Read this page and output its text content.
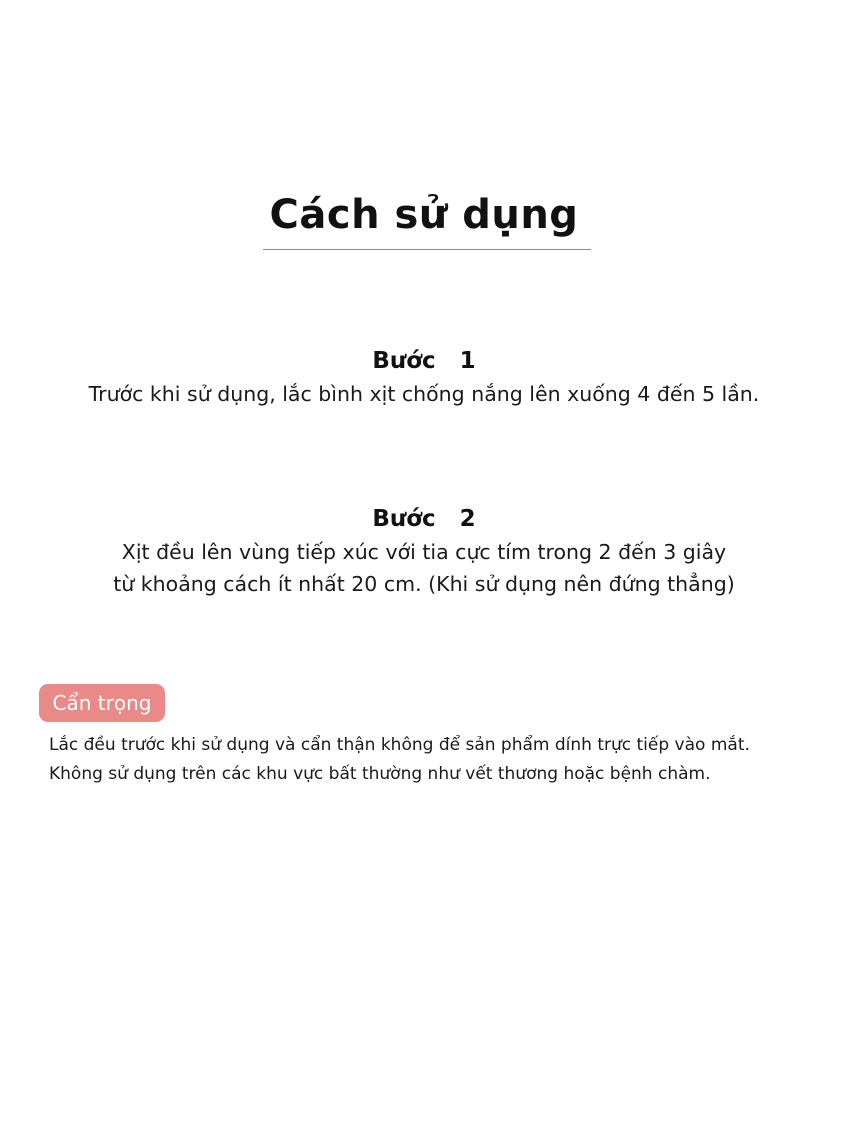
Cách sử dụng
Bước  1
Trước khi sử dụng, lắc bình xịt chống nắng lên xuống 4 đến 5 lần.
Bước  2
Xịt đều lên vùng tiếp xúc với tia cực tím trong 2 đến 3 giây
từ khoảng cách ít nhất 20 cm. (Khi sử dụng nên đứng thẳng)
Cẩn trọng
Lắc đều trước khi sử dụng và cẩn thận không để sản phẩm dính trực tiếp vào mắt.
Không sử dụng trên các khu vực bất thường như vết thương hoặc bệnh chàm.
